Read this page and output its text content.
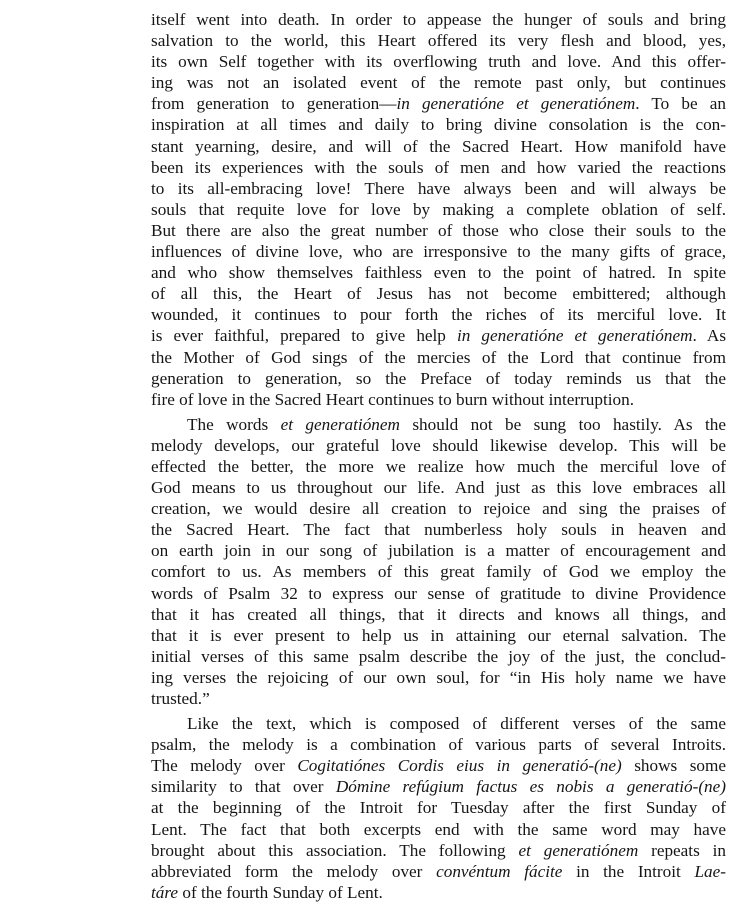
itself went into death. In order to appease the hunger of souls and bring
salvation to the world, this Heart offered its very flesh and blood, yes,
its own Self together with its overflowing truth and love. And this offer-
ing was not an isolated event of the remote past only, but continues
from generation to generation—in generatióne et generatiónem. To be an
inspiration at all times and daily to bring divine consolation is the con-
stant yearning, desire, and will of the Sacred Heart. How manifold have
been its experiences with the souls of men and how varied the reactions
to its all-embracing love! There have always been and will always be
souls that requite love for love by making a complete oblation of self.
But there are also the great number of those who close their souls to the
influences of divine love, who are irresponsive to the many gifts of grace,
and who show themselves faithless even to the point of hatred. In spite
of all this, the Heart of Jesus has not become embittered; although
wounded, it continues to pour forth the riches of its merciful love. It
is ever faithful, prepared to give help in generatióne et generatiónem. As
the Mother of God sings of the mercies of the Lord that continue from
generation to generation, so the Preface of today reminds us that the
fire of love in the Sacred Heart continues to burn without interruption.
The words et generatiónem should not be sung too hastily. As the
melody develops, our grateful love should likewise develop. This will be
effected the better, the more we realize how much the merciful love of
God means to us throughout our life. And just as this love embraces all
creation, we would desire all creation to rejoice and sing the praises of
the Sacred Heart. The fact that numberless holy souls in heaven and
on earth join in our song of jubilation is a matter of encouragement and
comfort to us. As members of this great family of God we employ the
words of Psalm 32 to express our sense of gratitude to divine Providence
that it has created all things, that it directs and knows all things, and
that it is ever present to help us in attaining our eternal salvation. The
initial verses of this same psalm describe the joy of the just, the conclud-
ing verses the rejoicing of our own soul, for “in His holy name we have
trusted.”
Like the text, which is composed of different verses of the same
psalm, the melody is a combination of various parts of several Introits.
The melody over Cogitatiónes Cordis eius in generatió-(ne) shows some
similarity to that over Dómine refúgium factus es nobis a generatió-(ne)
at the beginning of the Introit for Tuesday after the first Sunday of
Lent. The fact that both excerpts end with the same word may have
brought about this association. The following et generatiónem repeats in
abbreviated form the melody over convéntum fácite in the Introit Lae-
táre of the fourth Sunday of Lent.
